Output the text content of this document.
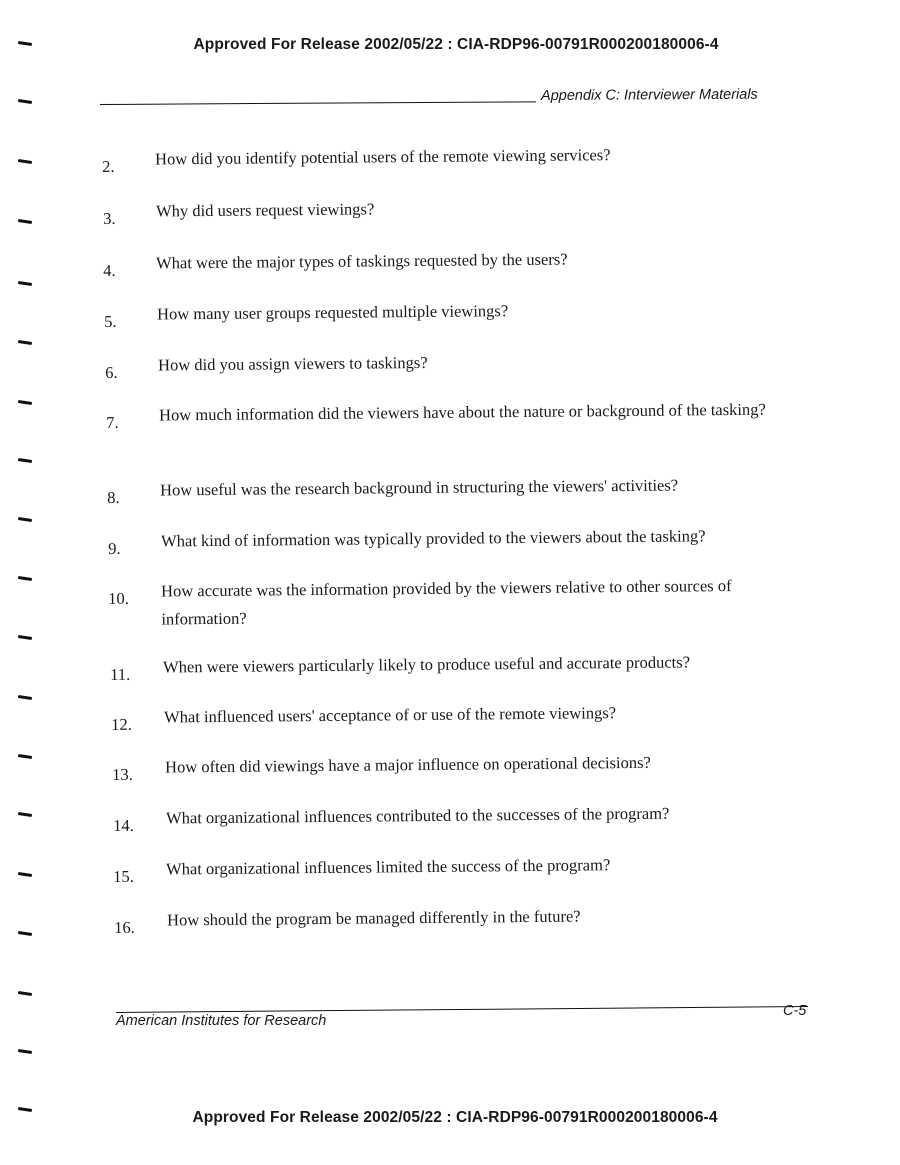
Approved For Release 2002/05/22 : CIA-RDP96-00791R000200180006-4
Appendix C: Interviewer Materials
2. How did you identify potential users of the remote viewing services?
3. Why did users request viewings?
4. What were the major types of taskings requested by the users?
5. How many user groups requested multiple viewings?
6. How did you assign viewers to taskings?
7. How much information did the viewers have about the nature or background of the tasking?
8. How useful was the research background in structuring the viewers' activities?
9. What kind of information was typically provided to the viewers about the tasking?
10. How accurate was the information provided by the viewers relative to other sources of information?
11. When were viewers particularly likely to produce useful and accurate products?
12. What influenced users' acceptance of or use of the remote viewings?
13. How often did viewings have a major influence on operational decisions?
14. What organizational influences contributed to the successes of the program?
15. What organizational influences limited the success of the program?
16. How should the program be managed differently in the future?
American Institutes for Research
C-5
Approved For Release 2002/05/22 : CIA-RDP96-00791R000200180006-4
